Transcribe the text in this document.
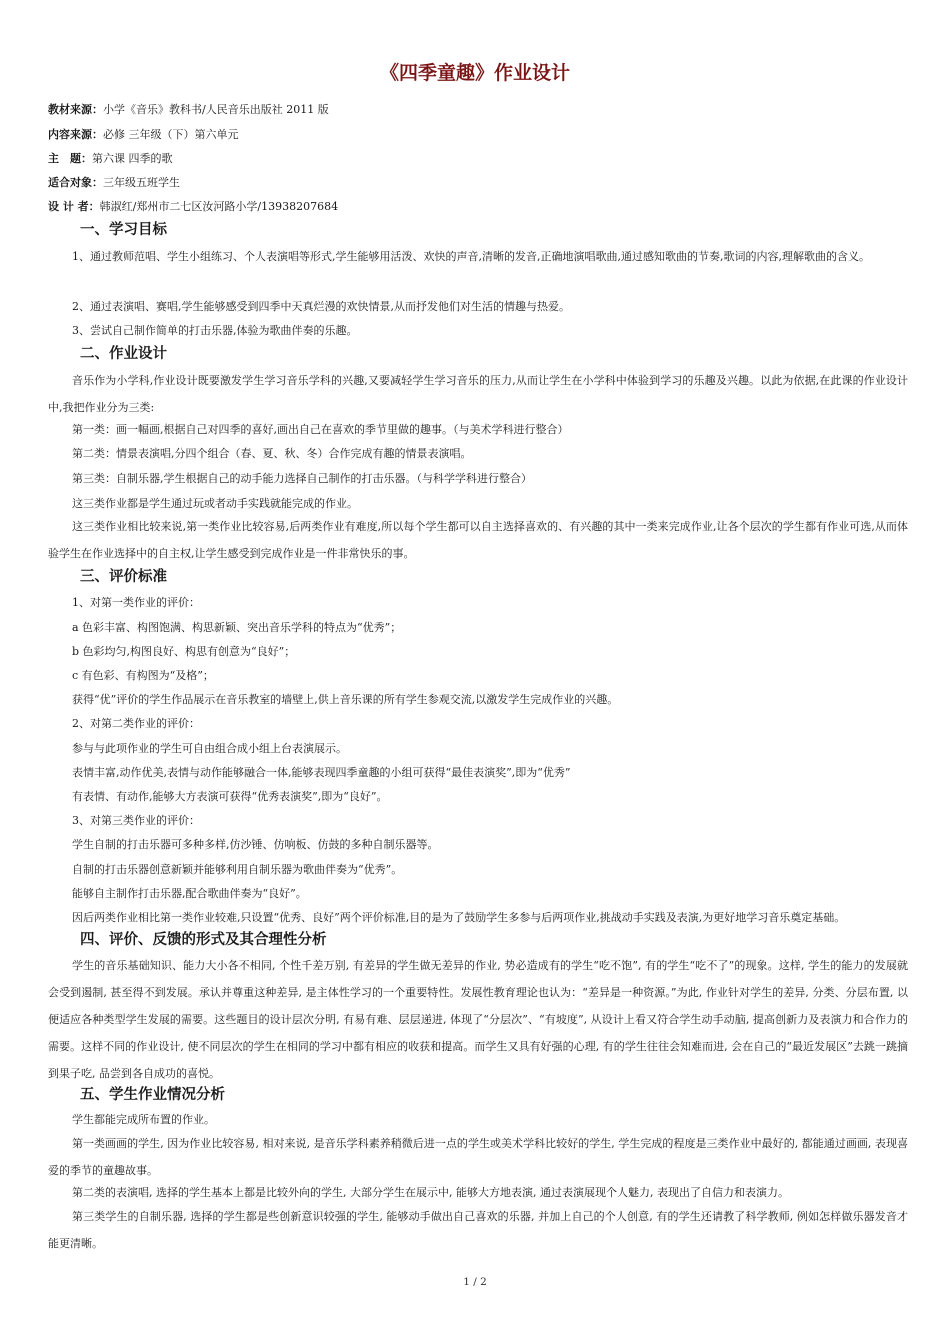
《四季童趣》作业设计
教材来源：小学《音乐》教科书/人民音乐出版社 2011 版
内容来源：必修 三年级（下）第六单元
主　题：第六课 四季的歌
适合对象：三年级五班学生
设 计 者：韩淑红/郑州市二七区汝河路小学/13938207684
一、学习目标
1、通过教师范唱、学生小组练习、个人表演唱等形式,学生能够用活泼、欢快的声音,清晰的发音,正确地演唱歌曲,通过感知歌曲的节奏,歌词的内容,理解歌曲的含义。
2、通过表演唱、赛唱,学生能够感受到四季中天真烂漫的欢快情景,从而抒发他们对生活的情趣与热爱。
3、尝试自己制作简单的打击乐器,体验为歌曲伴奏的乐趣。
二、作业设计
音乐作为小学科,作业设计既要激发学生学习音乐学科的兴趣,又要减轻学生学习音乐的压力,从而让学生在小学科中体验到学习的乐趣及兴趣。以此为依据,在此课的作业设计中,我把作业分为三类:
第一类：画一幅画,根据自己对四季的喜好,画出自己在喜欢的季节里做的趣事。（与美术学科进行整合）
第二类：情景表演唱,分四个组合（春、夏、秋、冬）合作完成有趣的情景表演唱。
第三类：自制乐器,学生根据自己的动手能力选择自己制作的打击乐器。（与科学学科进行整合）
这三类作业都是学生通过玩或者动手实践就能完成的作业。
这三类作业相比较来说,第一类作业比较容易,后两类作业有难度,所以每个学生都可以自主选择喜欢的、有兴趣的其中一类来完成作业,让各个层次的学生都有作业可选,从而体验学生在作业选择中的自主权,让学生感受到完成作业是一件非常快乐的事。
三、评价标准
1、对第一类作业的评价：
a 色彩丰富、构图饱满、构思新颖、突出音乐学科的特点为“优秀”；
b 色彩均匀,构图良好、构思有创意为“良好”；
c 有色彩、有构图为“及格”；
获得“优”评价的学生作品展示在音乐教室的墙壁上,供上音乐课的所有学生参观交流,以激发学生完成作业的兴趣。
2、对第二类作业的评价：
参与与此项作业的学生可自由组合成小组上台表演展示。
表情丰富,动作优美,表情与动作能够融合一体,能够表现四季童趣的小组可获得“最佳表演奖”,即为“优秀”
有表情、有动作,能够大方表演可获得“优秀表演奖”,即为“良好”。
3、对第三类作业的评价：
学生自制的打击乐器可多种多样,仿沙锤、仿响板、仿鼓的多种自制乐器等。
自制的打击乐器创意新颖并能够利用自制乐器为歌曲伴奏为“优秀”。
能够自主制作打击乐器,配合歌曲伴奏为“良好”。
因后两类作业相比第一类作业较难,只设置“优秀、良好”两个评价标准,目的是为了鼓励学生多参与后两项作业,挑战动手实践及表演,为更好地学习音乐奠定基础。
四、评价、反馈的形式及其合理性分析
学生的音乐基础知识、能力大小各不相同, 个性千差万别, 有差异的学生做无差异的作业, 势必造成有的学生“吃不饱”, 有的学生“吃不了”的现象。这样, 学生的能力的发展就会受到遏制, 甚至得不到发展。承认并尊重这种差异, 是主体性学习的一个重要特性。发展性教育理论也认为：“差异是一种资源。”为此, 作业针对学生的差异, 分类、分层布置, 以便适应各种类型学生发展的需要。这些题目的设计层次分明, 有易有难、层层递进, 体现了“分层次”、“有坡度”, 从设计上看又符合学生动手动脑, 提高创新力及表演力和合作力的需要。这样不同的作业设计, 使不同层次的学生在相同的学习中都有相应的收获和提高。而学生又具有好强的心理, 有的学生往往会知难而进, 会在自己的“最近发展区”去跳一跳摘到果子吃, 品尝到各自成功的喜悦。
五、学生作业情况分析
学生都能完成所布置的作业。
第一类画画的学生, 因为作业比较容易, 相对来说, 是音乐学科素养稍微后进一点的学生或美术学科比较好的学生, 学生完成的程度是三类作业中最好的, 都能通过画画, 表现喜爱的季节的童趣故事。
第二类的表演唱, 选择的学生基本上都是比较外向的学生, 大部分学生在展示中, 能够大方地表演, 通过表演展现个人魅力, 表现出了自信力和表演力。
第三类学生的自制乐器, 选择的学生都是些创新意识较强的学生, 能够动手做出自己喜欢的乐器, 并加上自己的个人创意, 有的学生还请教了科学教师, 例如怎样做乐器发音才能更清晰。
1 / 2
